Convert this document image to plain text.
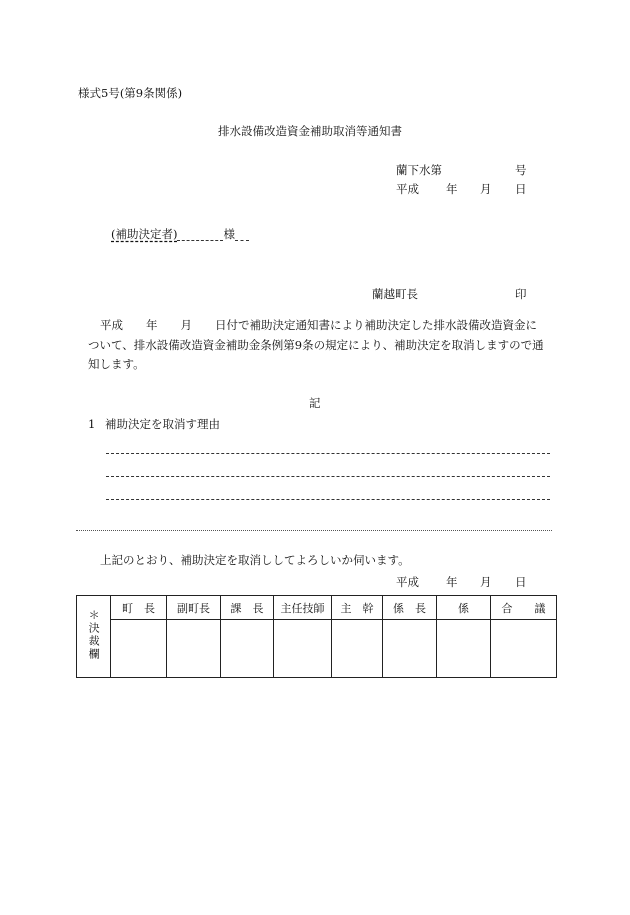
様式5号(第9条関係)
排水設備改造資金補助取消等通知書
蘭下水第	号
平成 年 月 日
(補助決定者)	様
蘭越町長	印
平成　　年　　月　　日付で補助決定通知書により補助決定した排水設備改造資金に
ついて、排水設備改造資金補助金条例第9条の規定により、補助決定を取消しますので通
知します。
記
1 補助決定を取消す理由
上記のとおり、補助決定を取消ししてよろしいか伺います。
平成 年 月 日
＊決裁欄	町　長	副町長	課　長	主任技師	主　幹	係　長	係	合　　議
